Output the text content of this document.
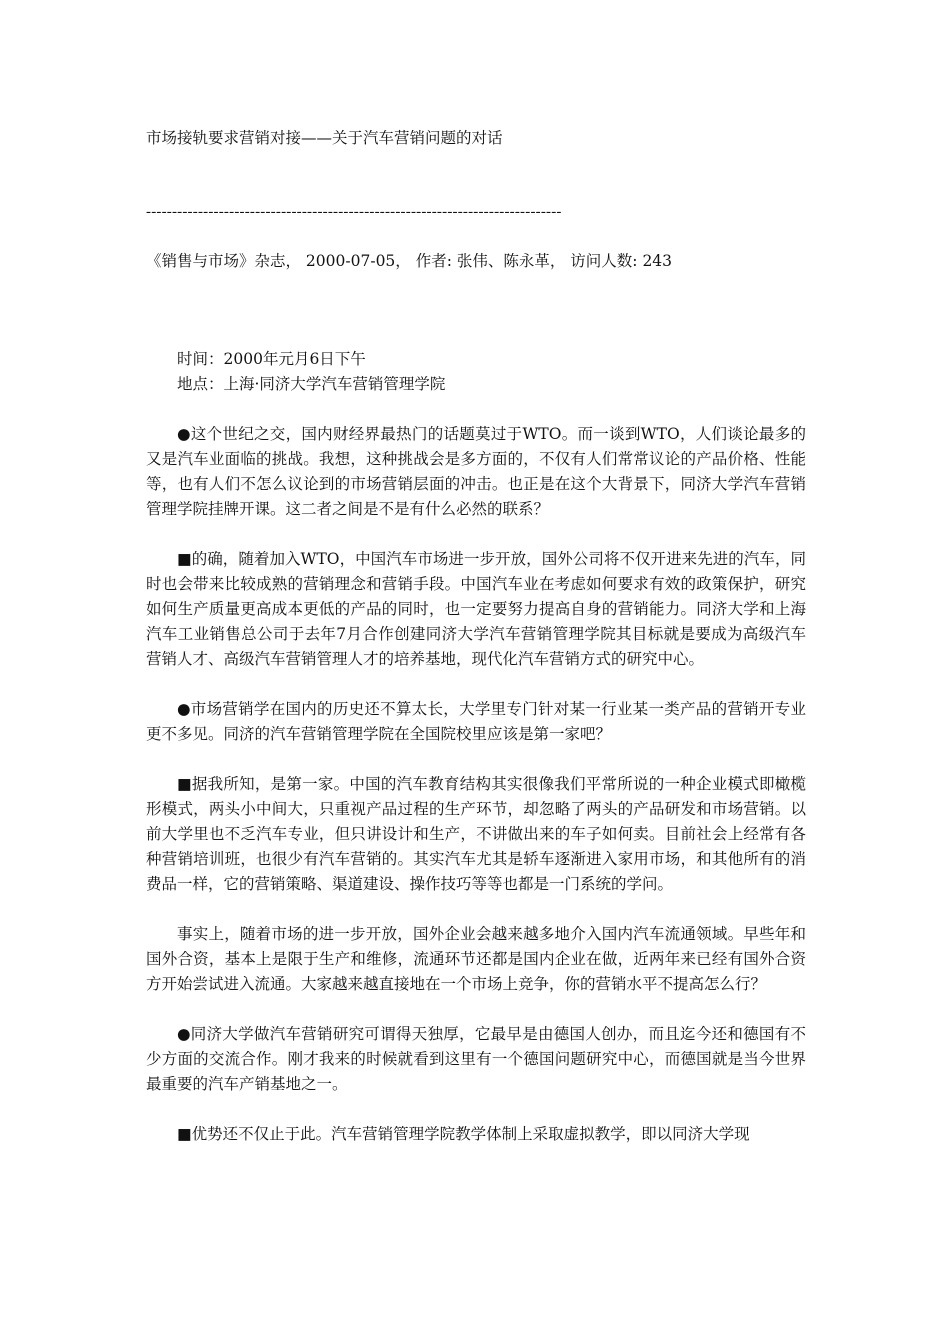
市场接轨要求营销对接——关于汽车营销问题的对话
--------------------------------------------------------------------------------
《销售与市场》杂志， 2000-07-05， 作者: 张伟、陈永革， 访问人数: 243

时间：2000年元月6日下午

地点：上海·同济大学汽车营销管理学院

●这个世纪之交，国内财经界最热门的话题莫过于WTO。而一谈到WTO，人们谈论最多的又是汽车业面临的挑战。我想，这种挑战会是多方面的，不仅有人们常常议论的产品价格、性能等，也有人们不怎么议论到的市场营销层面的冲击。也正是在这个大背景下，同济大学汽车营销管理学院挂牌开课。这二者之间是不是有什么必然的联系？

■的确，随着加入WTO，中国汽车市场进一步开放，国外公司将不仅开进来先进的汽车，同时也会带来比较成熟的营销理念和营销手段。中国汽车业在考虑如何要求有效的政策保护，研究如何生产质量更高成本更低的产品的同时，也一定要努力提高自身的营销能力。同济大学和上海汽车工业销售总公司于去年7月合作创建同济大学汽车营销管理学院其目标就是要成为高级汽车营销人才、高级汽车营销管理人才的培养基地，现代化汽车营销方式的研究中心。

●市场营销学在国内的历史还不算太长，大学里专门针对某一行业某一类产品的营销开专业更不多见。同济的汽车营销管理学院在全国院校里应该是第一家吧？

■据我所知，是第一家。中国的汽车教育结构其实很像我们平常所说的一种企业模式即橄榄形模式，两头小中间大，只重视产品过程的生产环节，却忽略了两头的产品研发和市场营销。以前大学里也不乏汽车专业，但只讲设计和生产，不讲做出来的车子如何卖。目前社会上经常有各种营销培训班，也很少有汽车营销的。其实汽车尤其是轿车逐渐进入家用市场，和其他所有的消费品一样，它的营销策略、渠道建设、操作技巧等等也都是一门系统的学问。

事实上，随着市场的进一步开放，国外企业会越来越多地介入国内汽车流通领域。早些年和国外合资，基本上是限于生产和维修，流通环节还都是国内企业在做，近两年来已经有国外合资方开始尝试进入流通。大家越来越直接地在一个市场上竞争，你的营销水平不提高怎么行？

●同济大学做汽车营销研究可谓得天独厚，它最早是由德国人创办，而且迄今还和德国有不少方面的交流合作。刚才我来的时候就看到这里有一个德国问题研究中心，而德国就是当今世界最重要的汽车产销基地之一。

■优势还不仅止于此。汽车营销管理学院教学体制上采取虚拟教学，即以同济大学现
